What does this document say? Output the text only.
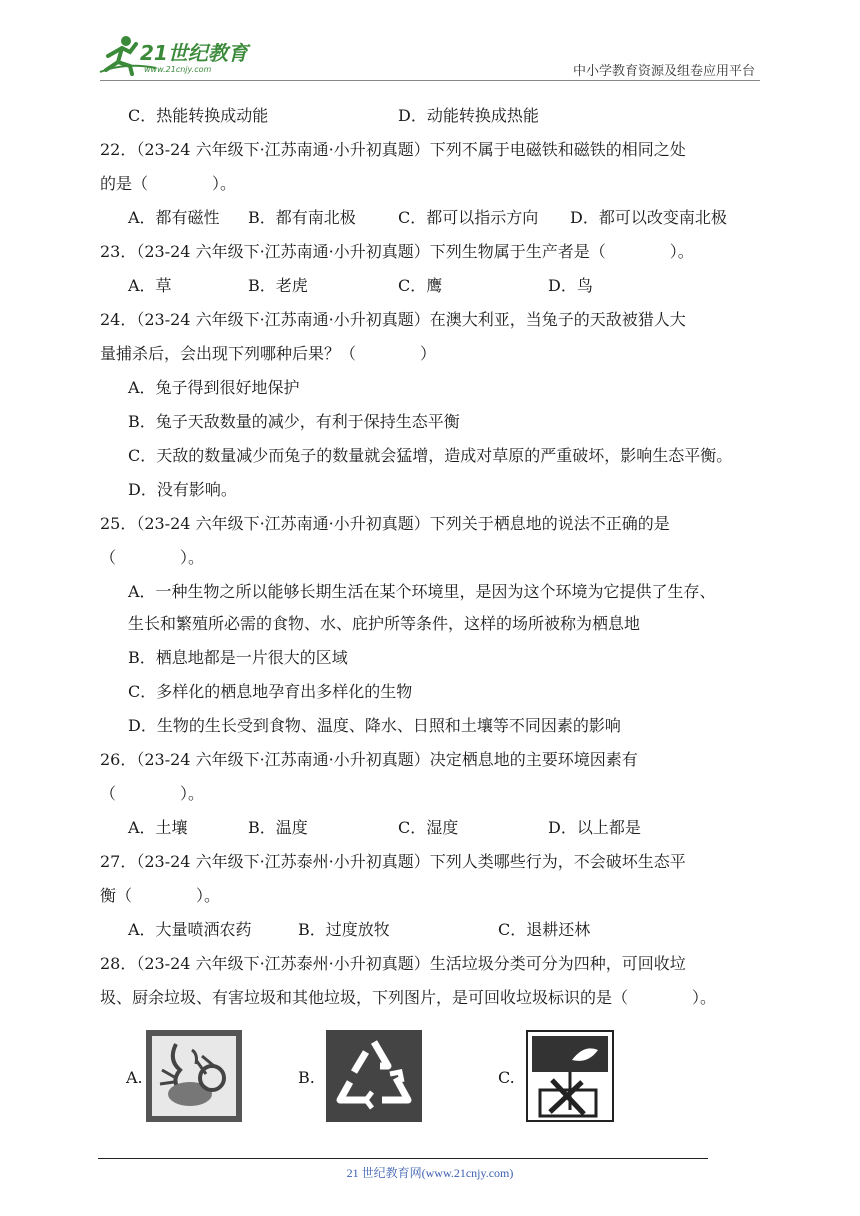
21世纪教育
www.21cnjy.com	中小学教育资源及组卷应用平台
C．热能转换成动能	D．动能转换成热能
22．（23-24 六年级下·江苏南通·小升初真题）下列不属于电磁铁和磁铁的相同之处
的是（　　　　）。
A．都有磁性 B．都有南北极	C．都可以指示方向 D．都可以改变南北极
23．（23-24 六年级下·江苏南通·小升初真题）下列生物属于生产者是（　　　　）。
A．草	B．老虎	C．鹰	D．鸟
24．（23-24 六年级下·江苏南通·小升初真题）在澳大利亚，当兔子的天敌被猎人大
量捕杀后，会出现下列哪种后果？（　　　　）
A．兔子得到很好地保护
B．兔子天敌数量的减少，有利于保持生态平衡
C．天敌的数量减少而兔子的数量就会猛增，造成对草原的严重破坏，影响生态平衡。
D．没有影响。
25．（23-24 六年级下·江苏南通·小升初真题）下列关于栖息地的说法不正确的是
（　　　　）。
A．一种生物之所以能够长期生活在某个环境里，是因为这个环境为它提供了生存、
生长和繁殖所必需的食物、水、庇护所等条件，这样的场所被称为栖息地
B．栖息地都是一片很大的区域
C．多样化的栖息地孕育出多样化的生物
D．生物的生长受到食物、温度、降水、日照和土壤等不同因素的影响
26．（23-24 六年级下·江苏南通·小升初真题）决定栖息地的主要环境因素有
（　　　　）。
A．土壤	B．温度	C．湿度	D．以上都是
27．（23-24 六年级下·江苏泰州·小升初真题）下列人类哪些行为，不会破坏生态平
衡（　　　　）。
A．大量喷洒农药	B．过度放牧	C．退耕还林
28．（23-24 六年级下·江苏泰州·小升初真题）生活垃圾分类可分为四种，可回收垃
圾、厨余垃圾、有害垃圾和其他垃圾，下列图片，是可回收垃圾标识的是（　　　　）。
A.	B.	C.
21 世纪教育网(www.21cnjy.com)
